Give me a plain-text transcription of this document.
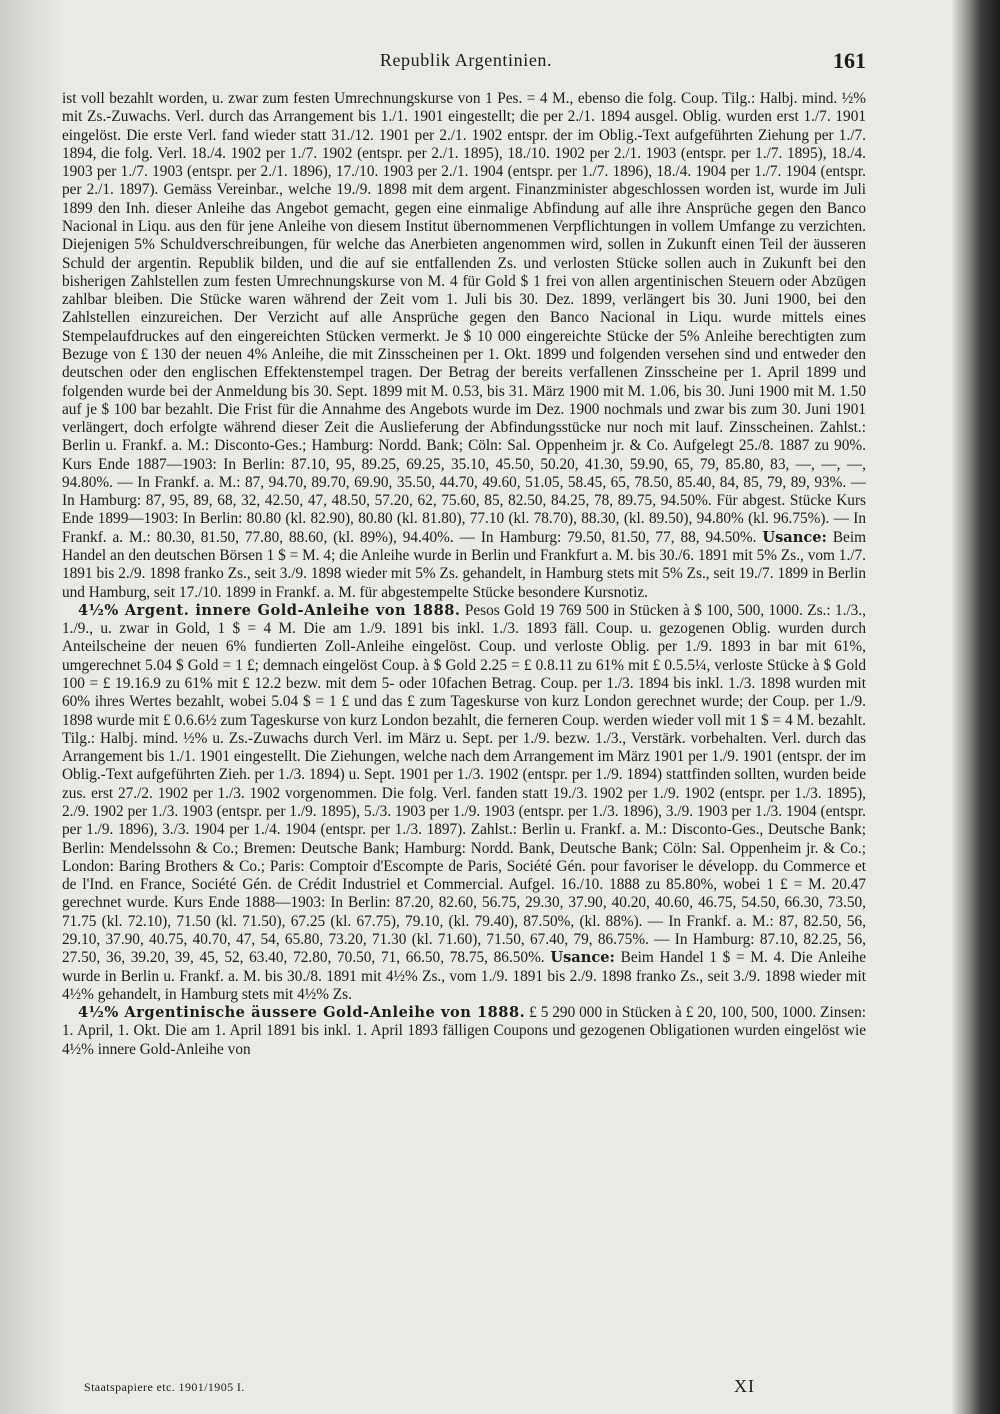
Republik Argentinien.	161

ist voll bezahlt worden, u. zwar zum festen Umrechnungskurse von 1 Pes. = 4 M., ebenso die folg. Coup. Tilg.: Halbj. mind. ½% mit Zs.-Zuwachs. Verl. durch das Arrangement bis 1./1. 1901 eingestellt; die per 2./1. 1894 ausgel. Oblig. wurden erst 1./7. 1901 eingelöst. Die erste Verl. fand wieder statt 31./12. 1901 per 2./1. 1902 entspr. der im Oblig.-Text aufgeführten Ziehung per 1./7. 1894, die folg. Verl. 18./4. 1902 per 1./7. 1902 (entspr. per 2./1. 1895), 18./10. 1902 per 2./1. 1903 (entspr. per 1./7. 1895), 18./4. 1903 per 1./7. 1903 (entspr. per 2./1. 1896), 17./10. 1903 per 2./1. 1904 (entspr. per 1./7. 1896), 18./4. 1904 per 1./7. 1904 (entspr. per 2./1. 1897). Gemäss Vereinbar., welche 19./9. 1898 mit dem argent. Finanzminister abgeschlossen worden ist, wurde im Juli 1899 den Inh. dieser Anleihe das Angebot gemacht, gegen eine einmalige Abfindung auf alle ihre Ansprüche gegen den Banco Nacional in Liqu. aus den für jene Anleihe von diesem Institut übernommenen Verpflichtungen in vollem Umfange zu verzichten. Diejenigen 5% Schuldverschreibungen, für welche das Anerbieten angenommen wird, sollen in Zukunft einen Teil der äusseren Schuld der argentin. Republik bilden, und die auf sie entfallenden Zs. und verlosten Stücke sollen auch in Zukunft bei den bisherigen Zahlstellen zum festen Umrechnungskurse von M. 4 für Gold $ 1 frei von allen argentinischen Steuern oder Abzügen zahlbar bleiben. Die Stücke waren während der Zeit vom 1. Juli bis 30. Dez. 1899, verlängert bis 30. Juni 1900, bei den Zahlstellen einzureichen. Der Verzicht auf alle Ansprüche gegen den Banco Nacional in Liqu. wurde mittels eines Stempelaufdruckes auf den eingereichten Stücken vermerkt. Je $ 10 000 eingereichte Stücke der 5% Anleihe berechtigten zum Bezuge von £ 130 der neuen 4% Anleihe, die mit Zinsscheinen per 1. Okt. 1899 und folgenden versehen sind und entweder den deutschen oder den englischen Effektenstempel tragen. Der Betrag der bereits verfallenen Zinsscheine per 1. April 1899 und folgenden wurde bei der Anmeldung bis 30. Sept. 1899 mit M. 0.53, bis 31. März 1900 mit M. 1.06, bis 30. Juni 1900 mit M. 1.50 auf je $ 100 bar bezahlt. Die Frist für die Annahme des Angebots wurde im Dez. 1900 nochmals und zwar bis zum 30. Juni 1901 verlängert, doch erfolgte während dieser Zeit die Auslieferung der Abfindungsstücke nur noch mit lauf. Zinsscheinen. Zahlst.: Berlin u. Frankf. a. M.: Disconto-Ges.; Hamburg: Nordd. Bank; Cöln: Sal. Oppenheim jr. & Co. Aufgelegt 25./8. 1887 zu 90%. Kurs Ende 1887—1903: In Berlin: 87.10, 95, 89.25, 69.25, 35.10, 45.50, 50.20, 41.30, 59.90, 65, 79, 85.80, 83, —, —, —, 94.80%. — In Frankf. a. M.: 87, 94.70, 89.70, 69.90, 35.50, 44.70, 49.60, 51.05, 58.45, 65, 78.50, 85.40, 84, 85, 79, 89, 93%. — In Hamburg: 87, 95, 89, 68, 32, 42.50, 47, 48.50, 57.20, 62, 75.60, 85, 82.50, 84.25, 78, 89.75, 94.50%. Für abgest. Stücke Kurs Ende 1899—1903: In Berlin: 80.80 (kl. 82.90), 80.80 (kl. 81.80), 77.10 (kl. 78.70), 88.30, (kl. 89.50), 94.80% (kl. 96.75%). — In Frankf. a. M.: 80.30, 81.50, 77.80, 88.60, (kl. 89%), 94.40%. — In Hamburg: 79.50, 81.50, 77, 88, 94.50%. Usance: Beim Handel an den deutschen Börsen 1 $ = M. 4; die Anleihe wurde in Berlin und Frankfurt a. M. bis 30./6. 1891 mit 5% Zs., vom 1./7. 1891 bis 2./9. 1898 franko Zs., seit 3./9. 1898 wieder mit 5% Zs. gehandelt, in Hamburg stets mit 5% Zs., seit 19./7. 1899 in Berlin und Hamburg, seit 17./10. 1899 in Frankf. a. M. für abgestempelte Stücke besondere Kursnotiz.

4½% Argent. innere Gold-Anleihe von 1888. Pesos Gold 19 769 500 in Stücken à $ 100, 500, 1000. Zs.: 1./3., 1./9., u. zwar in Gold, 1 $ = 4 M. Die am 1./9. 1891 bis inkl. 1./3. 1893 fäll. Coup. u. gezogenen Oblig. wurden durch Anteilscheine der neuen 6% fundierten Zoll-Anleihe eingelöst. Coup. und verloste Oblig. per 1./9. 1893 in bar mit 61%, umgerechnet 5.04 $ Gold = 1 £; demnach eingelöst Coup. à $ Gold 2.25 = £ 0.8.11 zu 61% mit £ 0.5.5¼, verloste Stücke à $ Gold 100 = £ 19.16.9 zu 61% mit £ 12.2 bezw. mit dem 5- oder 10fachen Betrag. Coup. per 1./3. 1894 bis inkl. 1./3. 1898 wurden mit 60% ihres Wertes bezahlt, wobei 5.04 $ = 1 £ und das £ zum Tageskurse von kurz London gerechnet wurde; der Coup. per 1./9. 1898 wurde mit £ 0.6.6½ zum Tageskurse von kurz London bezahlt, die ferneren Coup. werden wieder voll mit 1 $ = 4 M. bezahlt. Tilg.: Halbj. mind. ½% u. Zs.-Zuwachs durch Verl. im März u. Sept. per 1./9. bezw. 1./3., Verstärk. vorbehalten. Verl. durch das Arrangement bis 1./1. 1901 eingestellt. Die Ziehungen, welche nach dem Arrangement im März 1901 per 1./9. 1901 (entspr. der im Oblig.-Text aufgeführten Zieh. per 1./3. 1894) u. Sept. 1901 per 1./3. 1902 (entspr. per 1./9. 1894) stattfinden sollten, wurden beide zus. erst 27./2. 1902 per 1./3. 1902 vorgenommen. Die folg. Verl. fanden statt 19./3. 1902 per 1./9. 1902 (entspr. per 1./3. 1895), 2./9. 1902 per 1./3. 1903 (entspr. per 1./9. 1895), 5./3. 1903 per 1./9. 1903 (entspr. per 1./3. 1896), 3./9. 1903 per 1./3. 1904 (entspr. per 1./9. 1896), 3./3. 1904 per 1./4. 1904 (entspr. per 1./3. 1897). Zahlst.: Berlin u. Frankf. a. M.: Disconto-Ges., Deutsche Bank; Berlin: Mendelssohn & Co.; Bremen: Deutsche Bank; Hamburg: Nordd. Bank, Deutsche Bank; Cöln: Sal. Oppenheim jr. & Co.; London: Baring Brothers & Co.; Paris: Comptoir d'Escompte de Paris, Société Gén. pour favoriser le développ. du Commerce et de l'Ind. en France, Société Gén. de Crédit Industriel et Commercial. Aufgel. 16./10. 1888 zu 85.80%, wobei 1 £ = M. 20.47 gerechnet wurde. Kurs Ende 1888—1903: In Berlin: 87.20, 82.60, 56.75, 29.30, 37.90, 40.20, 40.60, 46.75, 54.50, 66.30, 73.50, 71.75 (kl. 72.10), 71.50 (kl. 71.50), 67.25 (kl. 67.75), 79.10, (kl. 79.40), 87.50%, (kl. 88%). — In Frankf. a. M.: 87, 82.50, 56, 29.10, 37.90, 40.75, 40.70, 47, 54, 65.80, 73.20, 71.30 (kl. 71.60), 71.50, 67.40, 79, 86.75%. — In Hamburg: 87.10, 82.25, 56, 27.50, 36, 39.20, 39, 45, 52, 63.40, 72.80, 70.50, 71, 66.50, 78.75, 86.50%. Usance: Beim Handel 1 $ = M. 4. Die Anleihe wurde in Berlin u. Frankf. a. M. bis 30./8. 1891 mit 4½% Zs., vom 1./9. 1891 bis 2./9. 1898 franko Zs., seit 3./9. 1898 wieder mit 4½% gehandelt, in Hamburg stets mit 4½% Zs.

4½% Argentinische äussere Gold-Anleihe von 1888. £ 5 290 000 in Stücken à £ 20, 100, 500, 1000. Zinsen: 1. April, 1. Okt. Die am 1. April 1891 bis inkl. 1. April 1893 fälligen Coupons und gezogenen Obligationen wurden eingelöst wie 4½% innere Gold-Anleihe von

Staatspapiere etc. 1901/1905 I.	XI
